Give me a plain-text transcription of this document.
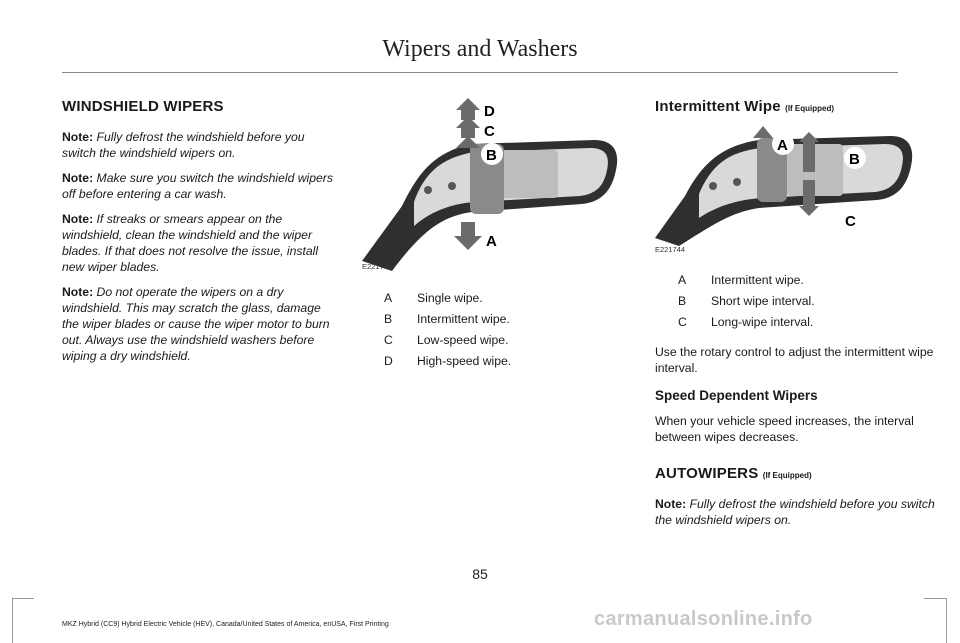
Wipers and Washers
WINDSHIELD WIPERS

Note: Fully defrost the windshield before you switch the windshield wipers on.

Note: Make sure you switch the windshield wipers off before entering a car wash.

Note: If streaks or smears appear on the windshield, clean the windshield and the wiper blades. If that does not resolve the issue, install new wiper blades.

Note: Do not operate the wipers on a dry windshield. This may scratch the glass, damage the wiper blades or cause the wiper motor to burn out. Always use the windshield washers before wiping a dry windshield.

D
C
B
A
E221743
A	Single wipe.
B	Intermittent wipe.
C	Low-speed wipe.
D	High-speed wipe.
Intermittent Wipe (If Equipped)
A
B
C
E221744
A	Intermittent wipe.
B	Short wipe interval.
C	Long-wipe interval.

Use the rotary control to adjust the intermittent wipe interval.

Speed Dependent Wipers

When your vehicle speed increases, the interval between wipes decreases.

AUTOWIPERS (If Equipped)

Note: Fully defrost the windshield before you switch the windshield wipers on.

85
MKZ Hybrid (CC9) Hybrid Electric Vehicle (HEV), Canada/United States of America, enUSA, First Printing	carmanualsonline.info
